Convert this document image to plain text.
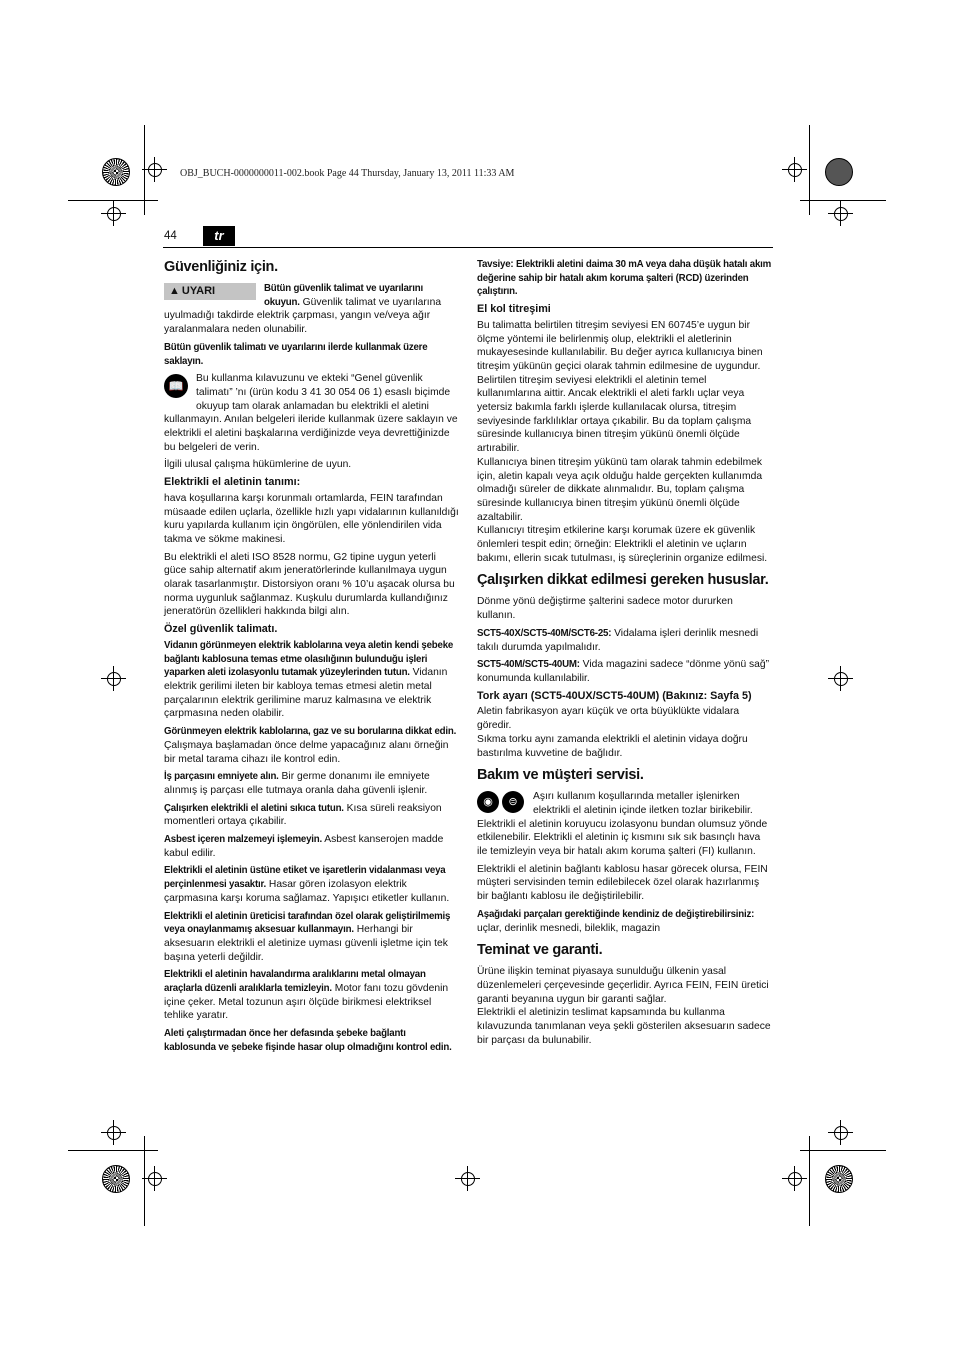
OBJ_BUCH-0000000011-002.book Page 44 Thursday, January 13, 2011 11:33 AM
44	tr
Güvenliğiniz için.

▲ UYARI	Bütün güvenlik talimat ve uyarılarını okuyun. Güvenlik talimat ve uyarılarına uyulmadığı takdirde elektrik çarpması, yangın ve/veya ağır yaralanmalara neden olunabilir.

Bütün güvenlik talimatı ve uyarılarını ilerde kullanmak üzere saklayın.

📖
Bu kullanma kılavuzunu ve ekteki “Genel güvenlik talimatı” ’nı (ürün kodu 3 41 30 054 06 1) esaslı biçimde okuyup tam olarak anlamadan bu elektrikli el aletini kullanmayın. Anılan belgeleri ileride kullanmak üzere saklayın ve elektrikli el aletini başkalarına verdiğinizde veya devrettiğinizde bu belgeleri de verin.

İlgili ulusal çalışma hükümlerine de uyun.

Elektrikli el aletinin tanımı:

hava koşullarına karşı korunmalı ortamlarda, FEIN tarafından müsaade edilen uçlarla, özellikle hızlı yapı vidalarının kullanıldığı kuru yapılarda kullanım için öngörülen, elle yönlendirilen vida takma ve sökme makinesi.

Bu elektrikli el aleti ISO 8528 normu, G2 tipine uygun yeterli güce sahip alternatif akım jeneratörlerinde kullanılmaya uygun olarak tasarlanmıştır. Distorsiyon oranı % 10’u aşacak olursa bu norma uygunluk sağlanmaz. Kuşkulu durumlarda kullandığınız jeneratörün özellikleri hakkında bilgi alın.

Özel güvenlik talimatı.

Vidanın görünmeyen elektrik kablolarına veya aletin kendi şebeke bağlantı kablosuna temas etme olasılığının bulunduğu işleri yaparken aleti izolasyonlu tutamak yüzeylerinden tutun. Vidanın elektrik gerilimi ileten bir kabloya temas etmesi aletin metal parçalarının elektrik gerilimine maruz kalmasına ve elektrik çarpmasına neden olabilir.

Görünmeyen elektrik kablolarına, gaz ve su borularına dikkat edin. Çalışmaya başlamadan önce delme yapacağınız alanı örneğin bir metal tarama cihazı ile kontrol edin.

İş parçasını emniyete alın. Bir germe donanımı ile emniyete alınmış iş parçası elle tutmaya oranla daha güvenli işlenir.

Çalışırken elektrikli el aletini sıkıca tutun. Kısa süreli reaksiyon momentleri ortaya çıkabilir.

Asbest içeren malzemeyi işlemeyin. Asbest kanserojen madde kabul edilir.

Elektrikli el aletinin üstüne etiket ve işaretlerin vidalanması veya perçinlenmesi yasaktır. Hasar gören izolasyon elektrik çarpmasına karşı koruma sağlamaz. Yapışıcı etiketler kullanın.

Elektrikli el aletinin üreticisi tarafından özel olarak geliştirilmemiş veya onaylanmamış aksesuar kullanmayın. Herhangi bir aksesuarın elektrikli el aletinize uyması güvenli işletme için tek başına yeterli değildir.

Elektrikli el aletinin havalandırma aralıklarını metal olmayan araçlarla düzenli aralıklarla temizleyin. Motor fanı tozu gövdenin içine çeker. Metal tozunun aşırı ölçüde birikmesi elektriksel tehlike yaratır.

Aleti çalıştırmadan önce her defasında şebeke bağlantı kablosunda ve şebeke fişinde hasar olup olmadığını kontrol edin.

Tavsiye: Elektrikli aletini daima 30 mA veya daha düşük hatalı akım değerine sahip bir hatalı akım koruma şalteri (RCD) üzerinden çalıştırın.

El kol titreşimi

Bu talimatta belirtilen titreşim seviyesi EN 60745’e uygun bir ölçme yöntemi ile belirlenmiş olup, elektrikli el aletlerinin mukayesesinde kullanılabilir. Bu değer ayrıca kullanıcıya binen titreşim yükünün geçici olarak tahmin edilmesine de uygundur.

Belirtilen titreşim seviyesi elektrikli el aletinin temel kullanımlarına aittir. Ancak elektrikli el aleti farklı uçlar veya yetersiz bakımla farklı işlerde kullanılacak olursa, titreşim seviyesinde farklılıklar ortaya çıkabilir. Bu da toplam çalışma süresinde kullanıcıya binen titreşim yükünü önemli ölçüde artırabilir.

Kullanıcıya binen titreşim yükünü tam olarak tahmin edebilmek için, aletin kapalı veya açık olduğu halde gerçekten kullanımda olmadığı süreler de dikkate alınmalıdır. Bu, toplam çalışma süresinde kullanıcıya binen titreşim yükünü önemli ölçüde azaltabilir.

Kullanıcıyı titreşim etkilerine karşı korumak üzere ek güvenlik önlemleri tespit edin; örneğin: Elektrikli el aletinin ve uçların bakımı, ellerin sıcak tutulması, iş süreçlerinin organize edilmesi.

Çalışırken dikkat edilmesi gereken hususlar.

Dönme yönü değiştirme şalterini sadece motor dururken kullanın.

SCT5-40X/SCT5-40M/SCT6-25: Vidalama işleri derinlik mesnedi takılı durumda yapılmalıdır.

SCT5-40M/SCT5-40UM: Vida magazini sadece “dönme yönü sağ” konumunda kullanılabilir.

Tork ayarı (SCT5-40UX/SCT5-40UM) (Bakınız: Sayfa 5)

Aletin fabrikasyon ayarı küçük ve orta büyüklükte vidalara göredir.

Sıkma torku aynı zamanda elektrikli el aletinin vidaya doğru bastırılma kuvvetine de bağlıdır.

Bakım ve müşteri servisi.

◉ ⊜	Aşırı kullanım koşullarında metaller işlenirken elektrikli el aletinin içinde iletken tozlar birikebilir. Elektrikli el aletinin koruyucu izolasyonu bundan olumsuz yönde etkilenebilir. Elektrikli el aletinin iç kısmını sık sık basınçlı hava ile temizleyin veya bir hatalı akım koruma şalteri (FI) kullanın.

Elektrikli el aletinin bağlantı kablosu hasar görecek olursa, FEIN müşteri servisinden temin edilebilecek özel olarak hazırlanmış bir bağlantı kablosu ile değiştirilebilir.

Aşağıdaki parçaları gerektiğinde kendiniz de değiştirebilirsiniz:

uçlar, derinlik mesnedi, bileklik, magazin

Teminat ve garanti.

Ürüne ilişkin teminat piyasaya sunulduğu ülkenin yasal düzenlemeleri çerçevesinde geçerlidir. Ayrıca FEIN, FEIN üretici garanti beyanına uygun bir garanti sağlar.

Elektrikli el aletinizin teslimat kapsamında bu kullanma kılavuzunda tanımlanan veya şekli gösterilen aksesuarın sadece bir parçası da bulunabilir.
